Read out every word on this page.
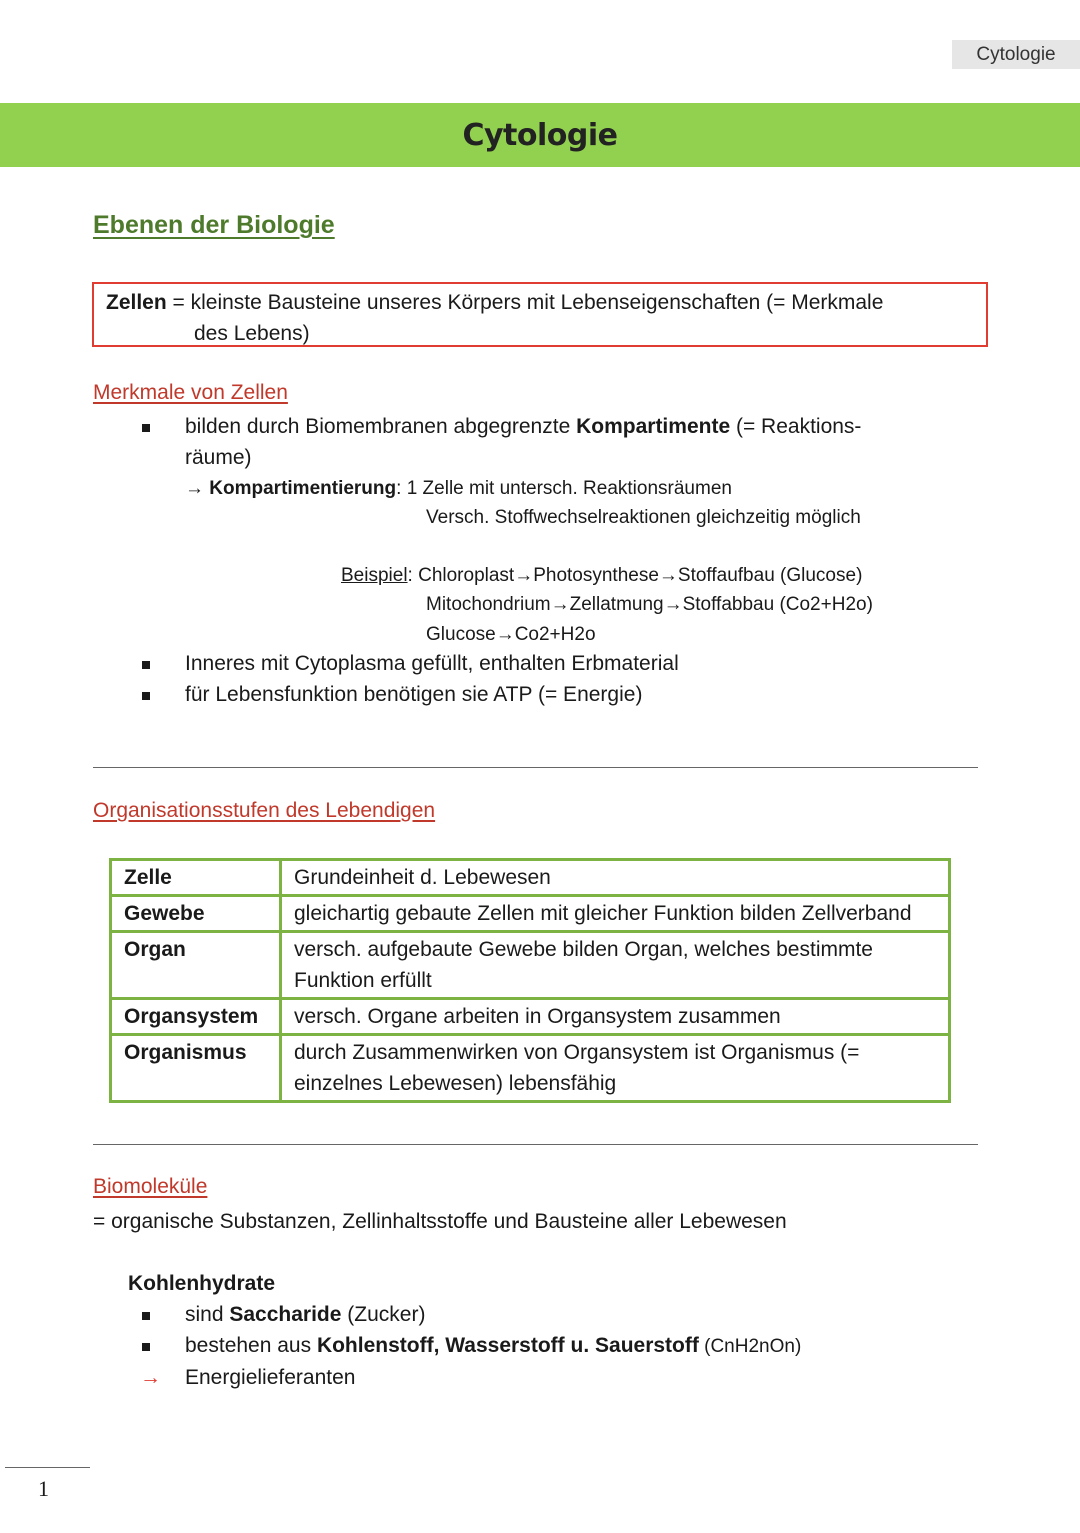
Cytologie
Cytologie
Ebenen der Biologie
Zellen = kleinste Bausteine unseres Körpers mit Lebenseigenschaften (= Merkmale
des Lebens)
Merkmale von Zellen
bilden durch Biomembranen abgegrenzte Kompartimente (= Reaktions-
räume)
→ Kompartimentierung: 1 Zelle mit untersch. Reaktionsräumen
Versch. Stoffwechselreaktionen gleichzeitig möglich
Beispiel: Chloroplast→Photosynthese→Stoffaufbau (Glucose)
Mitochondrium→Zellatmung→Stoffabbau (Co2+H2o)
Glucose→Co2+H2o
Inneres mit Cytoplasma gefüllt, enthalten Erbmaterial
für Lebensfunktion benötigen sie ATP (= Energie)
Organisationsstufen des Lebendigen
Zelle	Grundeinheit d. Lebewesen
Gewebe	gleichartig gebaute Zellen mit gleicher Funktion bilden Zellverband
Organ	versch. aufgebaute Gewebe bilden Organ, welches bestimmte Funktion erfüllt
Organsystem	versch. Organe arbeiten in Organsystem zusammen
Organismus	durch Zusammenwirken von Organsystem ist Organismus (= einzelnes Lebewesen) lebensfähig
Biomoleküle
= organische Substanzen, Zellinhaltsstoffe und Bausteine aller Lebewesen
Kohlenhydrate
sind Saccharide (Zucker)
bestehen aus Kohlenstoff, Wasserstoff u. Sauerstoff (CnH2nOn)
→ Energielieferanten
1
